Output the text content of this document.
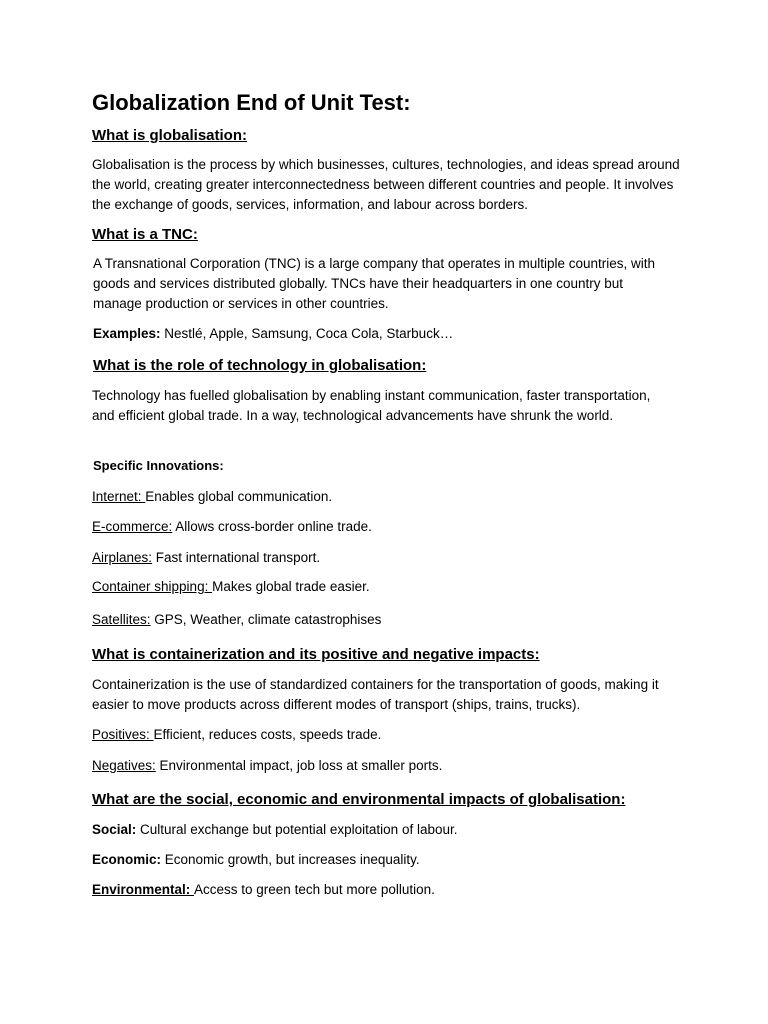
Globalization End of Unit Test:
What is globalisation:
Globalisation is the process by which businesses, cultures, technologies, and ideas spread around the world, creating greater interconnectedness between different countries and people. It involves the exchange of goods, services, information, and labour across borders.
What is a TNC:
A Transnational Corporation (TNC) is a large company that operates in multiple countries, with goods and services distributed globally. TNCs have their headquarters in one country but manage production or services in other countries.
Examples: Nestlé, Apple, Samsung, Coca Cola, Starbuck…
What is the role of technology in globalisation:
Technology has fuelled globalisation by enabling instant communication, faster transportation, and efficient global trade. In a way, technological advancements have shrunk the world.
Specific Innovations:
Internet: Enables global communication.
E-commerce: Allows cross-border online trade.
Airplanes: Fast international transport.
Container shipping: Makes global trade easier.
Satellites: GPS, Weather, climate catastrophises
What is containerization and its positive and negative impacts:
Containerization is the use of standardized containers for the transportation of goods, making it easier to move products across different modes of transport (ships, trains, trucks).
Positives: Efficient, reduces costs, speeds trade.
Negatives: Environmental impact, job loss at smaller ports.
What are the social, economic and environmental impacts of globalisation:
Social: Cultural exchange but potential exploitation of labour.
Economic: Economic growth, but increases inequality.
Environmental: Access to green tech but more pollution.
